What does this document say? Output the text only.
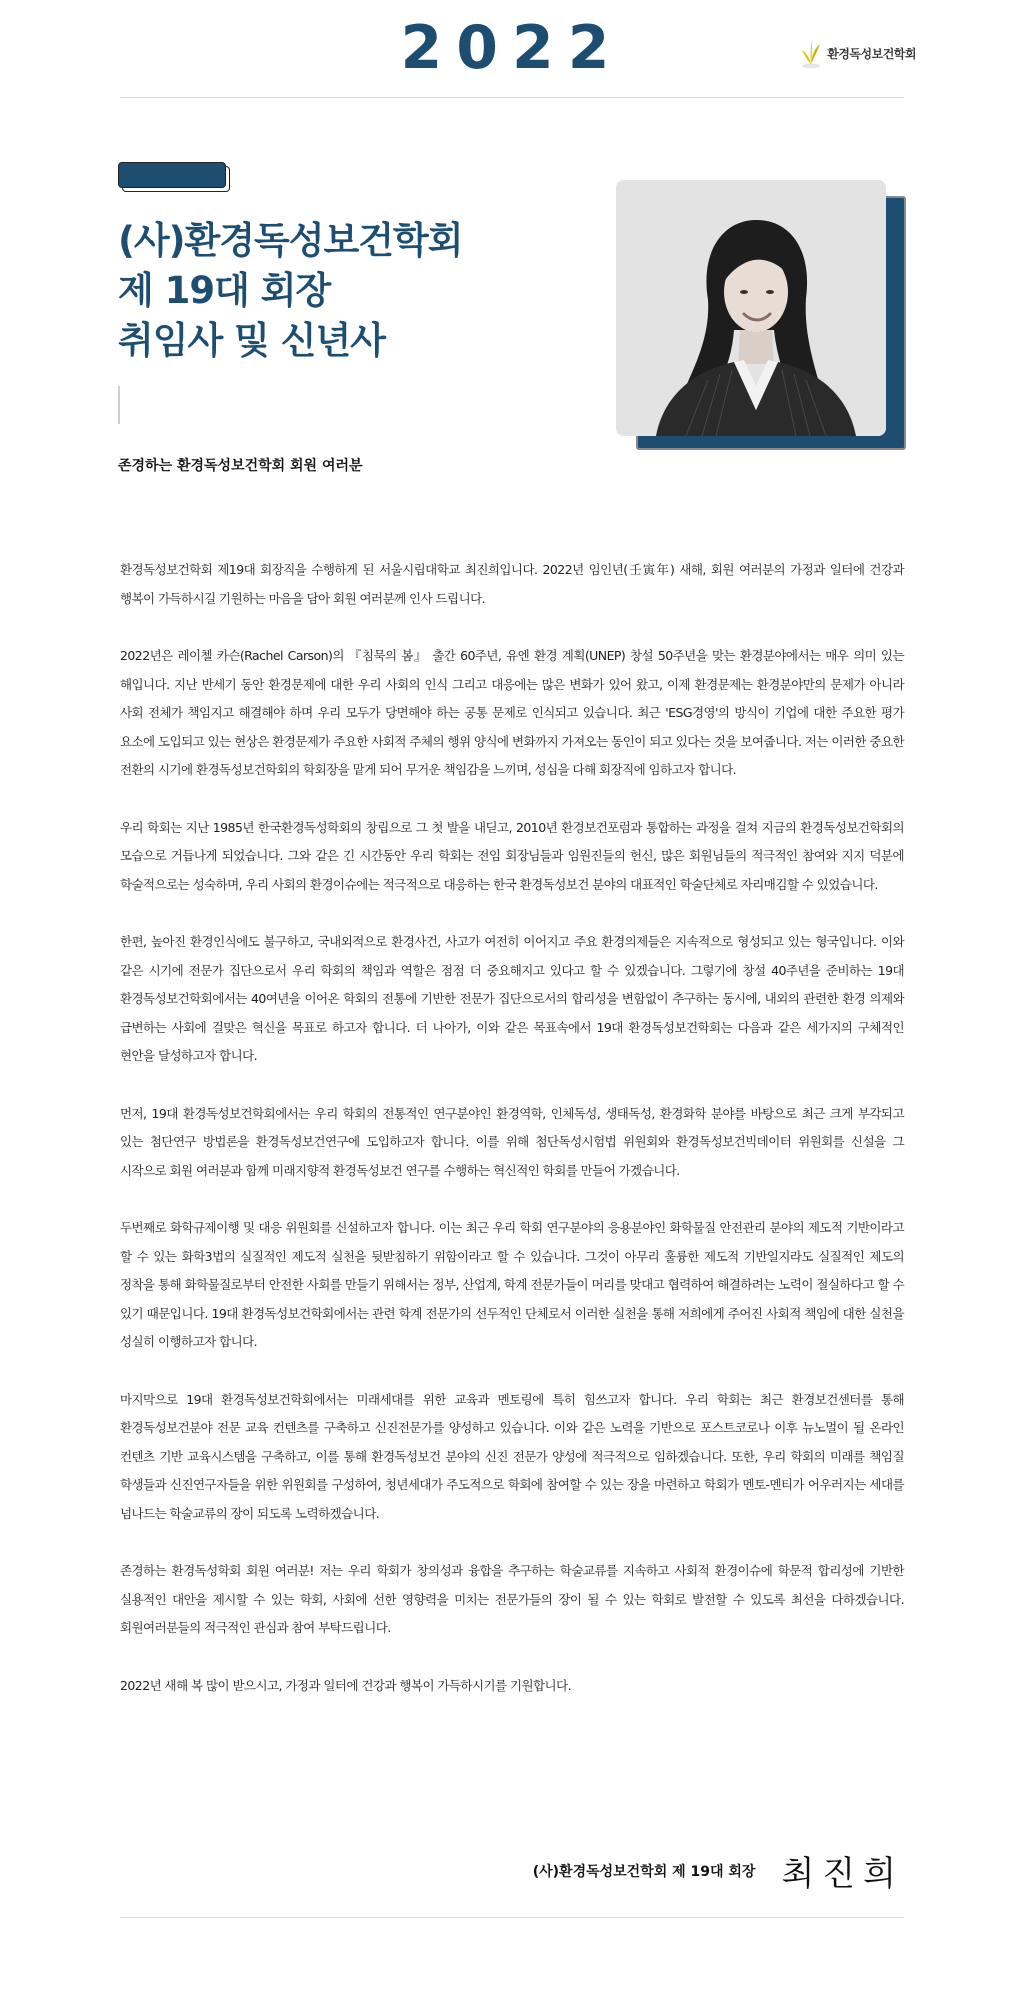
2022	환경독성보건학회
(사)환경독성보건학회
제 19대 회장
취임사 및 신년사
존경하는 환경독성보건학회 회원 여러분

환경독성보건학회 제19대 회장직을 수행하게 된 서울시립대학교 최진희입니다. 2022년 임인년(壬寅年) 새해, 회원 여러분의 가정과 일터에 건강과 행복이 가득하시길 기원하는 마음을 담아 회원 여러분께 인사 드립니다.

2022년은 레이첼 카슨(Rachel Carson)의 『침묵의 봄』 출간 60주년, 유엔 환경 계획(UNEP) 창설 50주년을 맞는 환경분야에서는 매우 의미 있는 해입니다. 지난 반세기 동안 환경문제에 대한 우리 사회의 인식 그리고 대응에는 많은 변화가 있어 왔고, 이제 환경문제는 환경분야만의 문제가 아니라 사회 전체가 책임지고 해결해야 하며 우리 모두가 당면해야 하는 공통 문제로 인식되고 있습니다. 최근 'ESG경영'의 방식이 기업에 대한 주요한 평가 요소에 도입되고 있는 현상은 환경문제가 주요한 사회적 주체의 행위 양식에 변화까지 가져오는 동인이 되고 있다는 것을 보여줍니다. 저는 이러한 중요한 전환의 시기에 환경독성보건학회의 학회장을 맡게 되어 무거운 책임감을 느끼며, 성심을 다해 회장직에 임하고자 합니다.

우리 학회는 지난 1985년 한국환경독성학회의 창립으로 그 첫 발을 내딛고, 2010년 환경보건포럼과 통합하는 과정을 걸쳐 지금의 환경독성보건학회의 모습으로 거듭나게 되었습니다. 그와 같은 긴 시간동안 우리 학회는 전임 회장님들과 임원진들의 헌신, 많은 회원님들의 적극적인 참여와 지지 덕분에 학술적으로는 성숙하며, 우리 사회의 환경이슈에는 적극적으로 대응하는 한국 환경독성보건 분야의 대표적인 학술단체로 자리매김할 수 있었습니다.

한편, 높아진 환경인식에도 불구하고, 국내외적으로 환경사건, 사고가 여전히 이어지고 주요 환경의제들은 지속적으로 형성되고 있는 형국입니다. 이와 같은 시기에 전문가 집단으로서 우리 학회의 책임과 역할은 점점 더 중요해지고 있다고 할 수 있겠습니다. 그렇기에 창설 40주년을 준비하는 19대 환경독성보건학회에서는 40여년을 이어온 학회의 전통에 기반한 전문가 집단으로서의 합리성을 변함없이 추구하는 동시에, 내외의 관련한 환경 의제와 급변하는 사회에 걸맞은 혁신을 목표로 하고자 합니다. 더 나아가, 이와 같은 목표속에서 19대 환경독성보건학회는 다음과 같은 세가지의 구체적인 현안을 달성하고자 합니다.

먼저, 19대 환경독성보건학회에서는 우리 학회의 전통적인 연구분야인 환경역학, 인체독성, 생태독성, 환경화학 분야를 바탕으로 최근 크게 부각되고 있는 첨단연구 방법론을 환경독성보건연구에 도입하고자 합니다. 이를 위해 첨단독성시험법 위원회와 환경독성보건빅데이터 위원회를 신설을 그 시작으로 회원 여러분과 함께 미래지향적 환경독성보건 연구를 수행하는 혁신적인 학회를 만들어 가겠습니다.

두번째로 화학규제이행 및 대응 위원회를 신설하고자 합니다. 이는 최근 우리 학회 연구분야의 응용분야인 화학물질 안전관리 분야의 제도적 기반이라고 할 수 있는 화학3법의 실질적인 제도적 실천을 뒷받침하기 위함이라고 할 수 있습니다. 그것이 아무리 훌륭한 제도적 기반일지라도 실질적인 제도의 정착을 통해 화학물질로부터 안전한 사회를 만들기 위해서는 정부, 산업계, 학계 전문가들이 머리를 맞대고 협력하여 해결하려는 노력이 절실하다고 할 수 있기 때문입니다. 19대 환경독성보건학회에서는 관련 학계 전문가의 선두적인 단체로서 이러한 실천을 통해 저희에게 주어진 사회적 책임에 대한 실천을 성실히 이행하고자 합니다.

마지막으로 19대 환경독성보건학회에서는 미래세대를 위한 교육과 멘토링에 특히 힘쓰고자 합니다. 우리 학회는 최근 환경보건센터를 통해 환경독성보건분야 전문 교육 컨텐츠를 구축하고 신진전문가를 양성하고 있습니다. 이와 같은 노력을 기반으로 포스트코로나 이후 뉴노멀이 될 온라인 컨텐츠 기반 교육시스템을 구축하고, 이를 통해 환경독성보건 분야의 신진 전문가 양성에 적극적으로 임하겠습니다. 또한, 우리 학회의 미래를 책임질 학생들과 신진연구자들을 위한 위원회를 구성하여, 청년세대가 주도적으로 학회에 참여할 수 있는 장을 마련하고 학회가 멘토-멘티가 어우러지는 세대를 넘나드는 학술교류의 장이 되도록 노력하겠습니다.

존경하는 환경독성학회 회원 여러분! 저는 우리 학회가 창의성과 융합을 추구하는 학술교류를 지속하고 사회적 환경이슈에 학문적 합리성에 기반한 실용적인 대안을 제시할 수 있는 학회, 사회에 선한 영향력을 미치는 전문가들의 장이 될 수 있는 학회로 발전할 수 있도록 최선을 다하겠습니다. 회원여러분들의 적극적인 관심과 참여 부탁드립니다.

2022년 새해 복 많이 받으시고, 가정과 일터에 건강과 행복이 가득하시기를 기원합니다.

(사)환경독성보건학회 제 19대 회장 최진희
